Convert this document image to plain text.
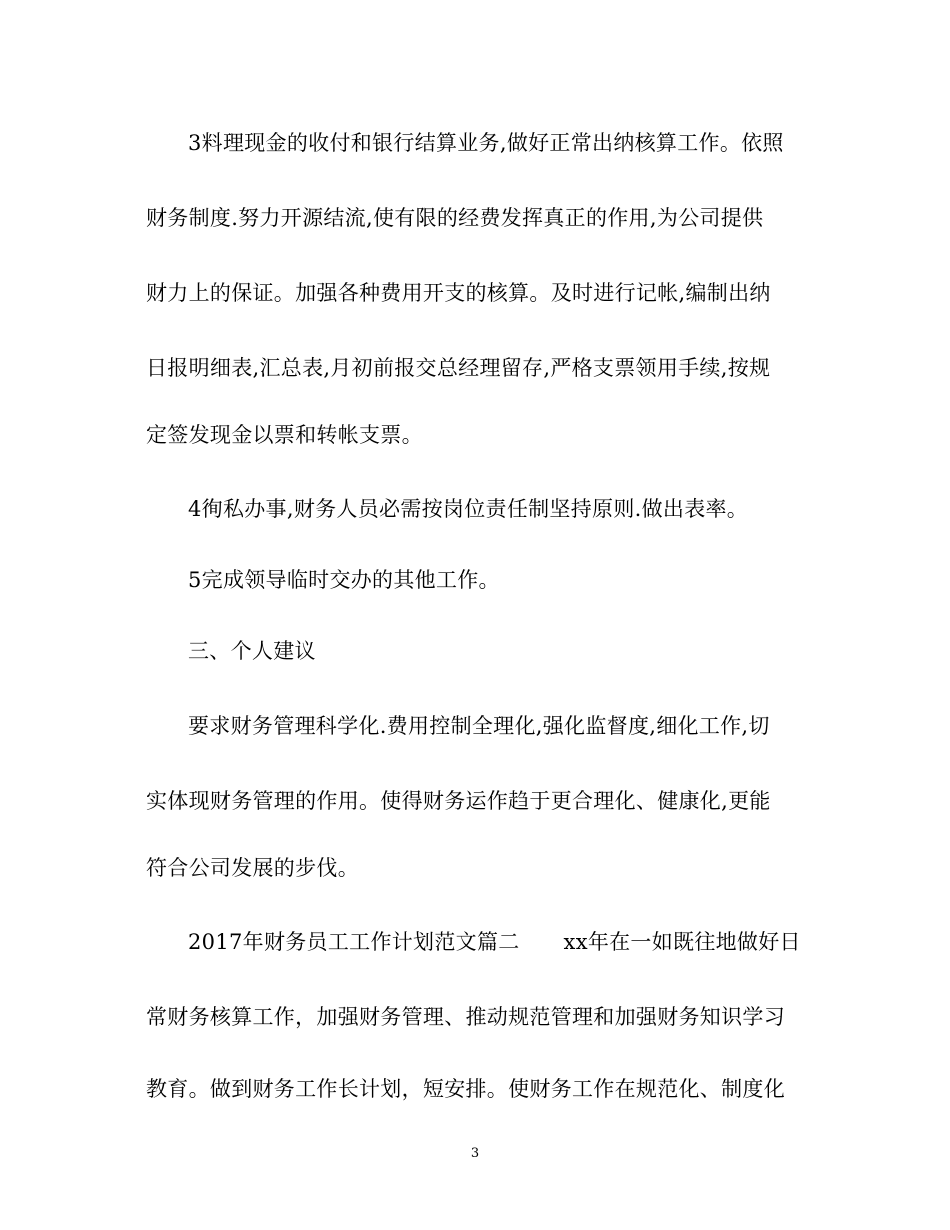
3料理现金的收付和银行结算业务,做好正常出纳核算工作。依照
财务制度.努力开源结流,使有限的经费发挥真正的作用,为公司提供
财力上的保证。加强各种费用开支的核算。及时进行记帐,编制出纳
日报明细表,汇总表,月初前报交总经理留存,严格支票领用手续,按规
定签发现金以票和转帐支票。
4徇私办事,财务人员必需按岗位责任制坚持原则.做出表率。
5完成领导临时交办的其他工作。
三、个人建议
要求财务管理科学化.费用控制全理化,强化监督度,细化工作,切
实体现财务管理的作用。使得财务运作趋于更合理化、健康化,更能
符合公司发展的步伐。
2017年财务员工工作计划范文篇二 xx年在一如既往地做好日
常财务核算工作，加强财务管理、推动规范管理和加强财务知识学习
教育。做到财务工作长计划，短安排。使财务工作在规范化、制度化
3
